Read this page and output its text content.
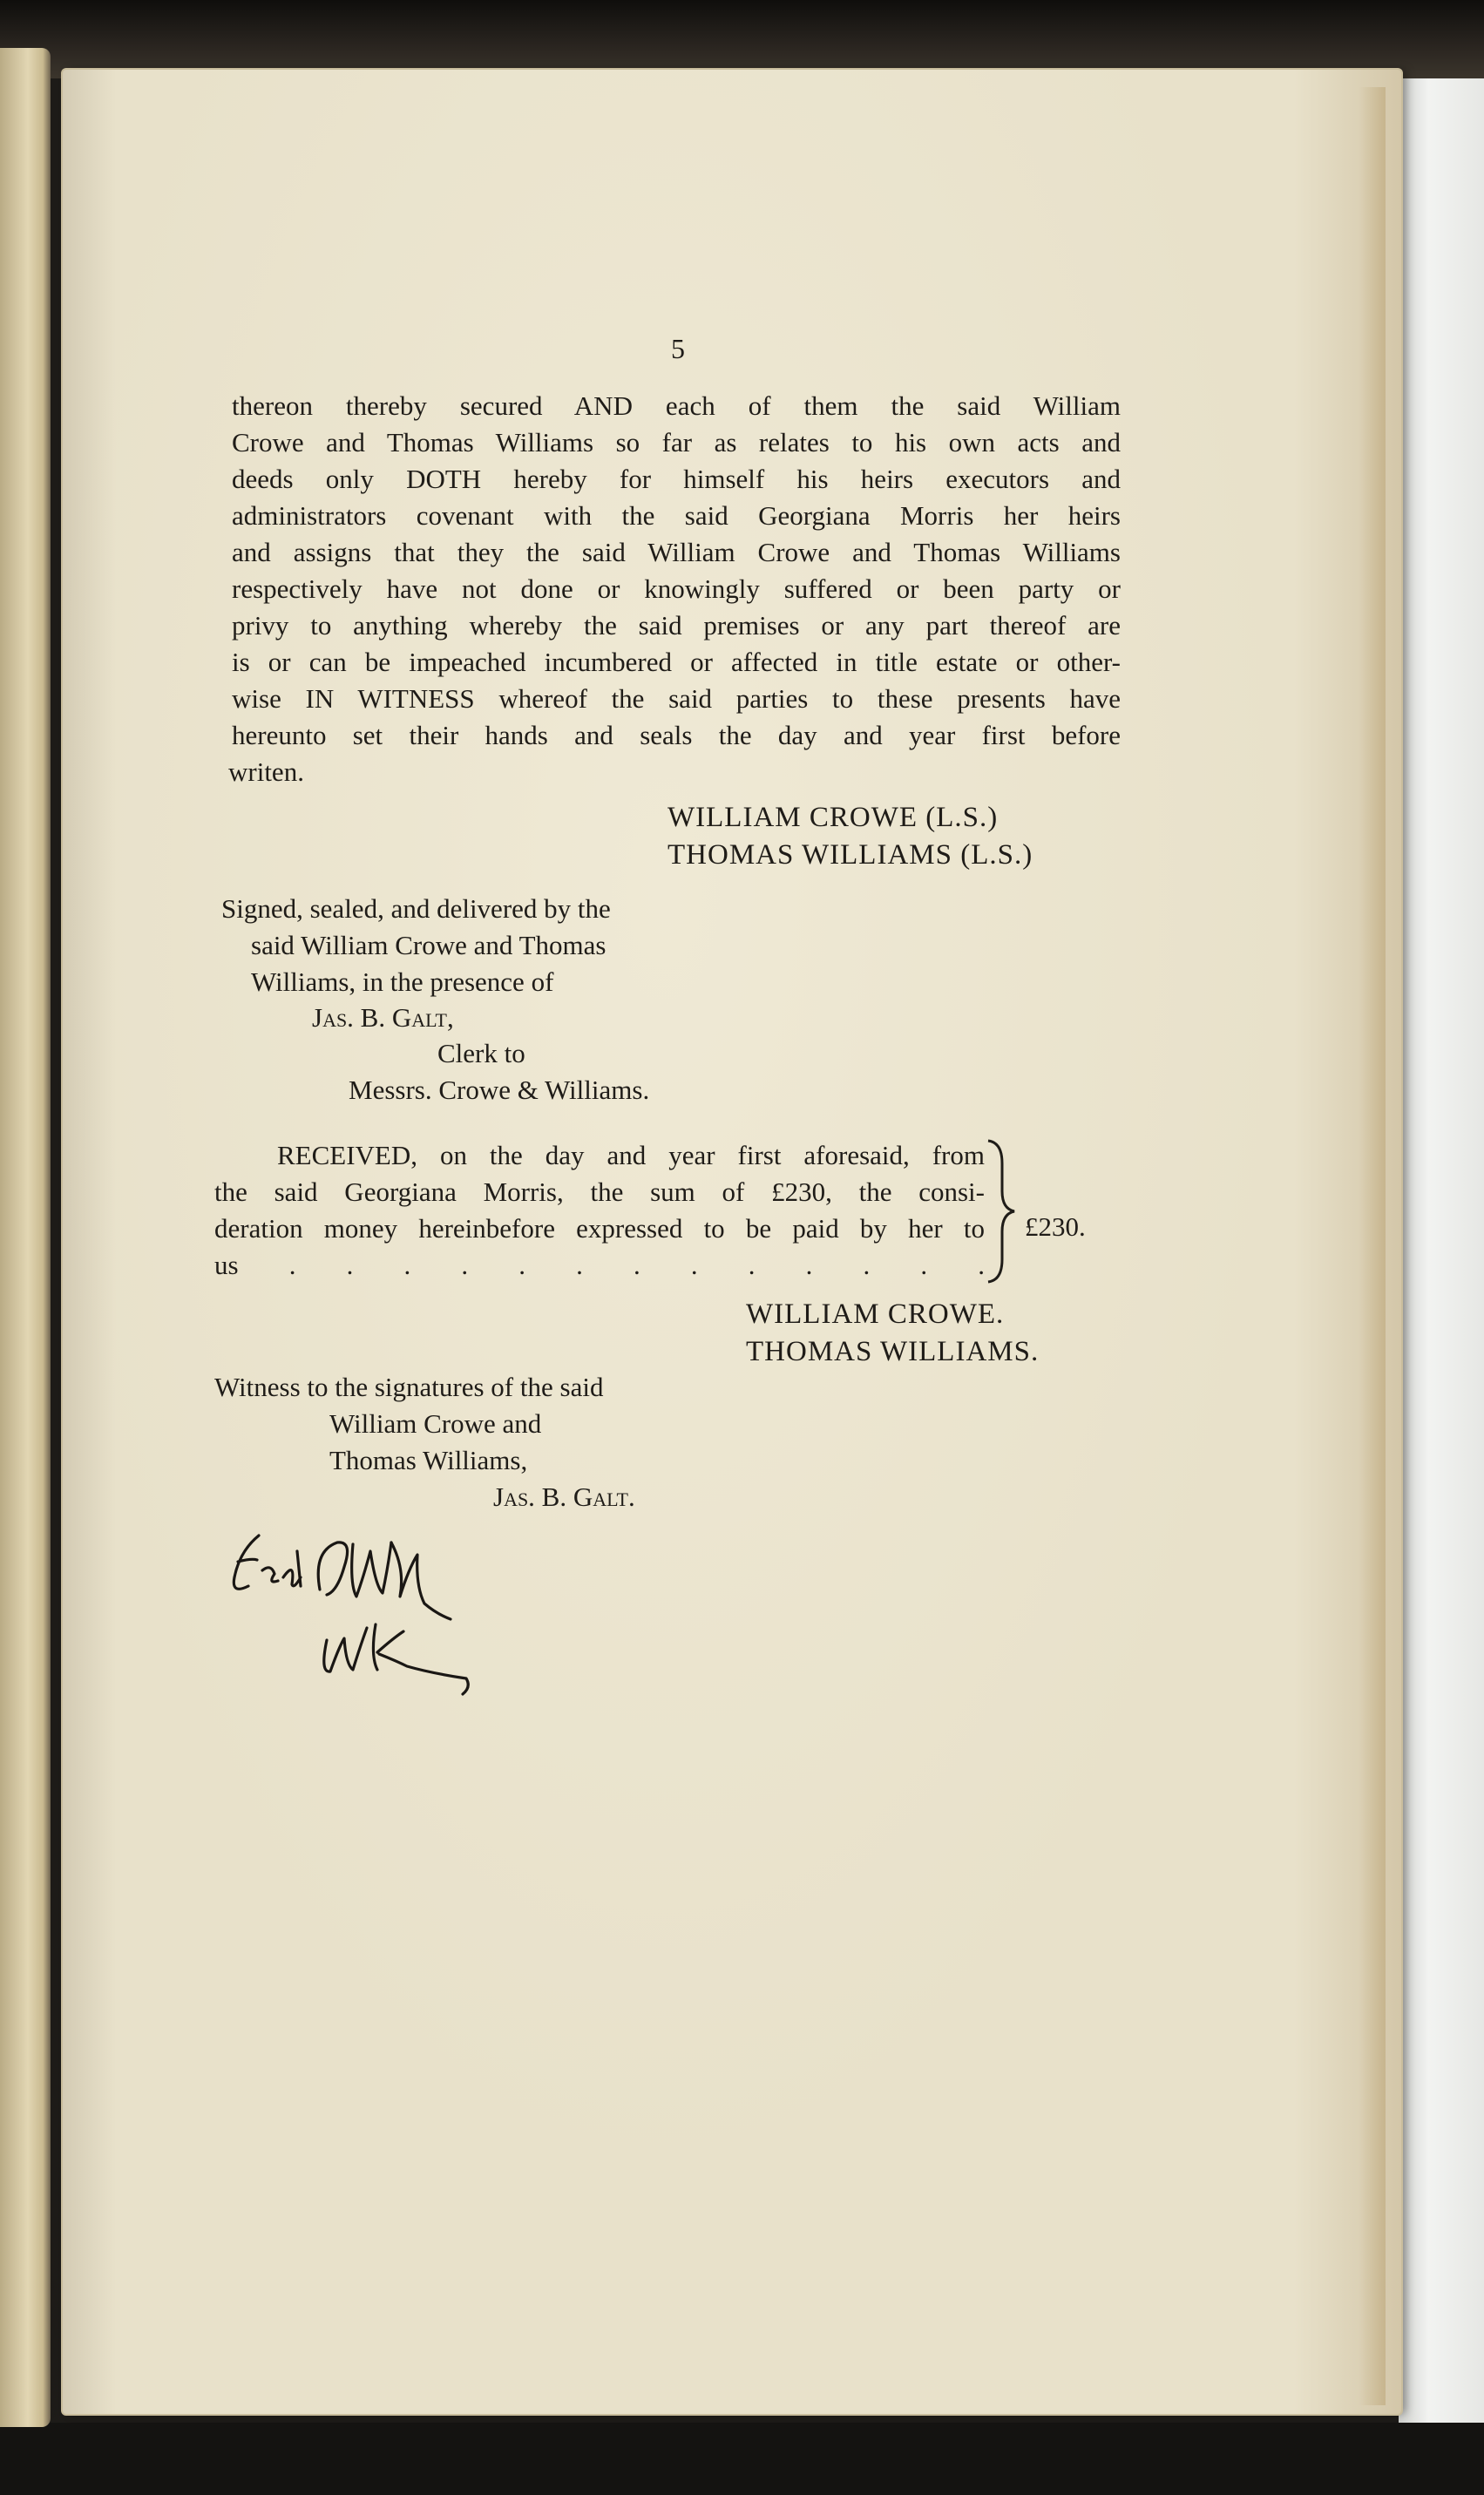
5
thereon thereby secured AND each of them the said William
Crowe and Thomas Williams so far as relates to his own acts and
deeds only DOTH hereby for himself his heirs executors and
administrators covenant with the said Georgiana Morris her heirs
and assigns that they the said William Crowe and Thomas Williams
respectively have not done or knowingly suffered or been party or
privy to anything whereby the said premises or any part thereof are
is or can be impeached incumbered or affected in title estate or other-
wise IN WITNESS whereof the said parties to these presents have
hereunto set their hands and seals the day and year first before
writen.
WILLIAM CROWE (L.S.)
THOMAS WILLIAMS (L.S.)
Signed, sealed, and delivered by the
said William Crowe and Thomas
Williams, in the presence of
Jas. B. Galt,
Clerk to
Messrs. Crowe & Williams.
RECEIVED, on the day and year first aforesaid, from
the said Georgiana Morris, the sum of £230, the consi-
deration money hereinbefore expressed to be paid by her to
us . . . . . . . . . . . . .
£230.
WILLIAM CROWE.
THOMAS WILLIAMS.
Witness to the signatures of the said
William Crowe and
Thomas Williams,
Jas. B. Galt.
